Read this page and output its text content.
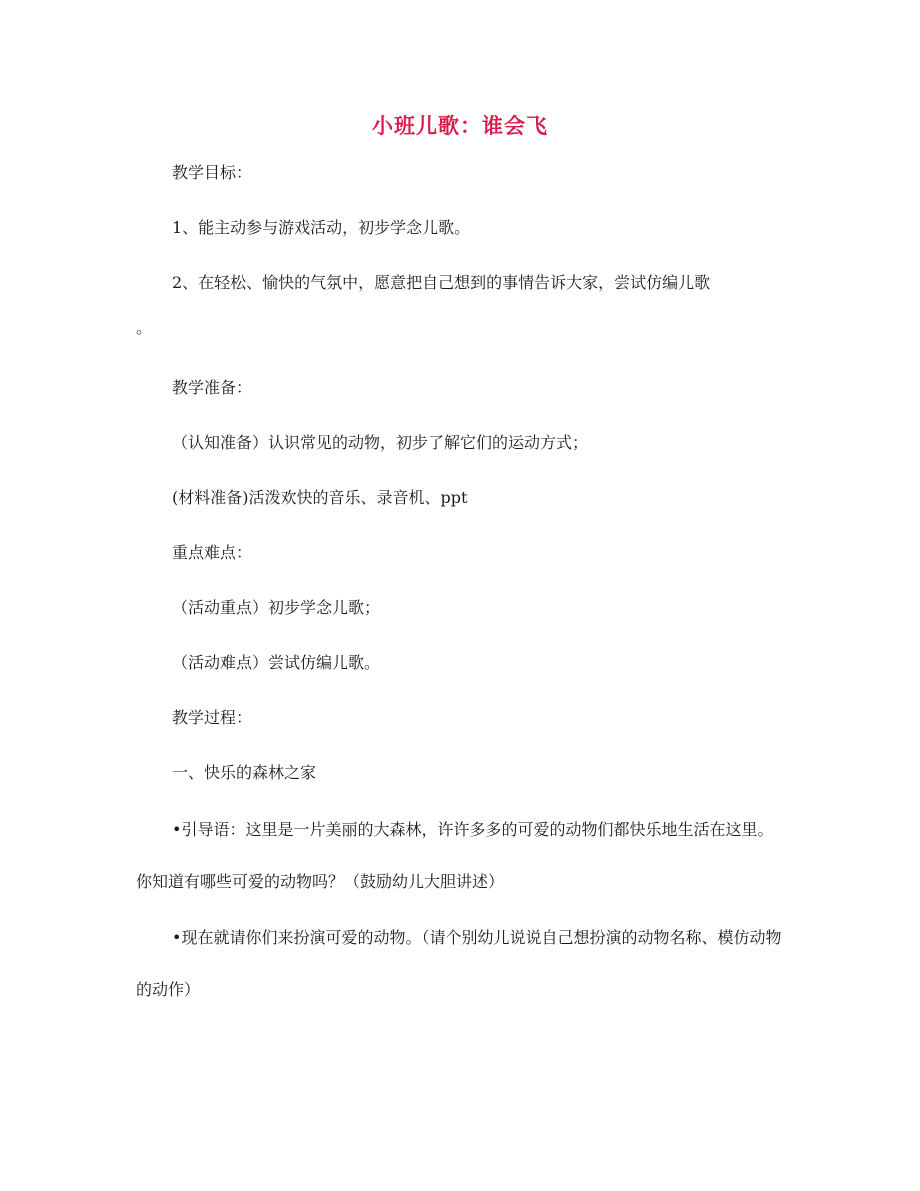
小班儿歌：谁会飞
教学目标：
1、能主动参与游戏活动，初步学念儿歌。
2、在轻松、愉快的气氛中，愿意把自己想到的事情告诉大家，尝试仿编儿歌
。
教学准备：
（认知准备）认识常见的动物，初步了解它们的运动方式；
(材料准备)活泼欢快的音乐、录音机、ppt
重点难点：
（活动重点）初步学念儿歌；
（活动难点）尝试仿编儿歌。
教学过程：
一、快乐的森林之家

•引导语：这里是一片美丽的大森林，许许多多的可爱的动物们都快乐地生活在这里。你知道有哪些可爱的动物吗？（鼓励幼儿大胆讲述）

•现在就请你们来扮演可爱的动物。（请个别幼儿说说自己想扮演的动物名称、模仿动物的动作）
